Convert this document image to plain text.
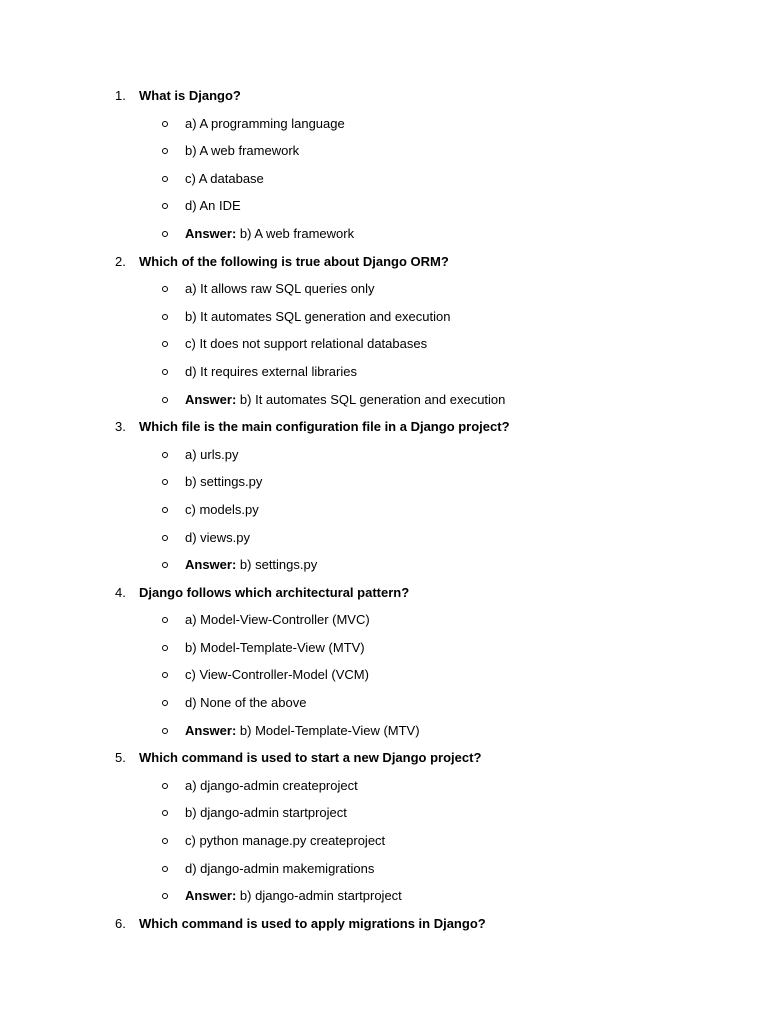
1.	What is Django?
a) A programming language
b) A web framework
c) A database
d) An IDE
Answer: b) A web framework
2.	Which of the following is true about Django ORM?
a) It allows raw SQL queries only
b) It automates SQL generation and execution
c) It does not support relational databases
d) It requires external libraries
Answer: b) It automates SQL generation and execution
3.	Which file is the main configuration file in a Django project?
a) urls.py
b) settings.py
c) models.py
d) views.py
Answer: b) settings.py
4.	Django follows which architectural pattern?
a) Model-View-Controller (MVC)
b) Model-Template-View (MTV)
c) View-Controller-Model (VCM)
d) None of the above
Answer: b) Model-Template-View (MTV)
5.	Which command is used to start a new Django project?
a) django-admin createproject
b) django-admin startproject
c) python manage.py createproject
d) django-admin makemigrations
Answer: b) django-admin startproject
6.	Which command is used to apply migrations in Django?
